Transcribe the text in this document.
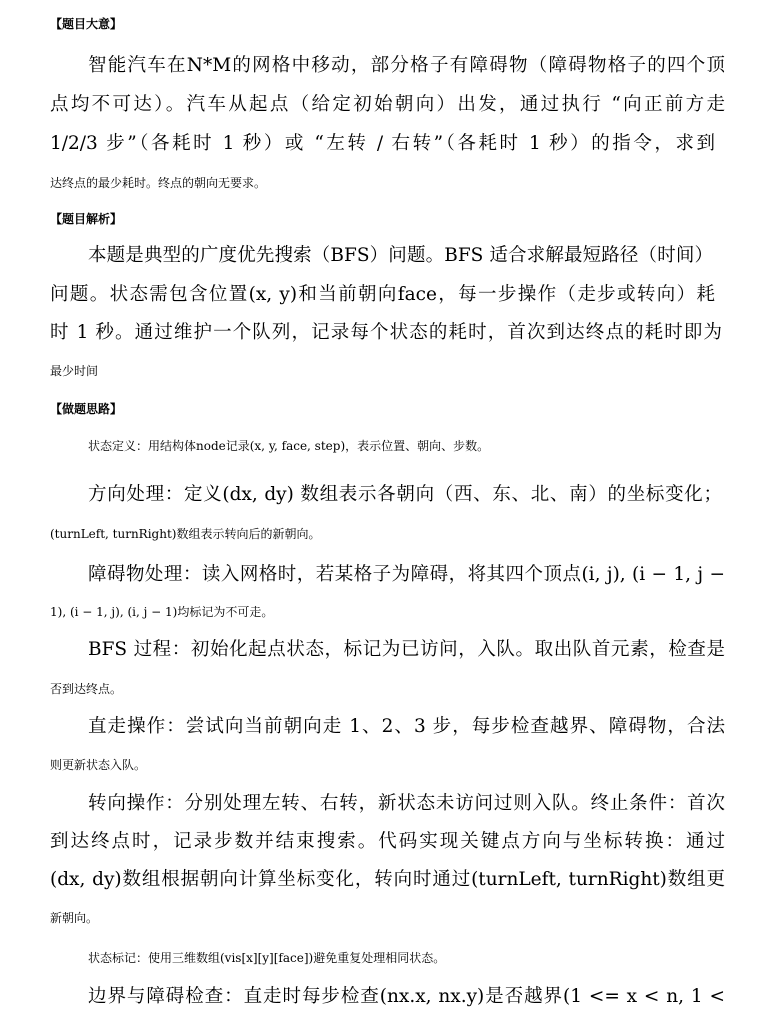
【题目大意】
智能汽车在N*M的网格中移动，部分格子有障碍物（障碍物格子的四个顶
点均不可达）。汽车从起点（给定初始朝向）出发，通过执行 “向正前方走
1/2/3 步”（各耗时 1 秒）或 “左转 / 右转”（各耗时 1 秒）的指令，求到
达终点的最少耗时。终点的朝向无要求。
【题目解析】
本题是典型的广度优先搜索（BFS）问题。BFS 适合求解最短路径（时间）
问题。状态需包含位置(x, y)和当前朝向face，每一步操作（走步或转向）耗
时 1 秒。通过维护一个队列，记录每个状态的耗时，首次到达终点的耗时即为
最少时间
【做题思路】
状态定义：用结构体node记录(x, y, face, step)，表示位置、朝向、步数。
方向处理：定义(dx, dy) 数组表示各朝向（西、东、北、南）的坐标变化；
(turnLeft, turnRight)数组表示转向后的新朝向。
障碍物处理：读入网格时，若某格子为障碍，将其四个顶点(i, j), (i − 1, j −
1), (i − 1, j), (i, j − 1)均标记为不可走。
BFS 过程：初始化起点状态，标记为已访问，入队。取出队首元素，检查是
否到达终点。
直走操作：尝试向当前朝向走 1、2、3 步，每步检查越界、障碍物，合法
则更新状态入队。
转向操作：分别处理左转、右转，新状态未访问过则入队。终止条件：首次
到达终点时，记录步数并结束搜索。代码实现关键点方向与坐标转换：通过
(dx, dy)数组根据朝向计算坐标变化，转向时通过(turnLeft, turnRight)数组更
新朝向。
状态标记：使用三维数组(vis[x][y][face])避免重复处理相同状态。
边界与障碍检查：直走时每步检查(nx.x, nx.y)是否越界(1 <= x < n, 1 <
